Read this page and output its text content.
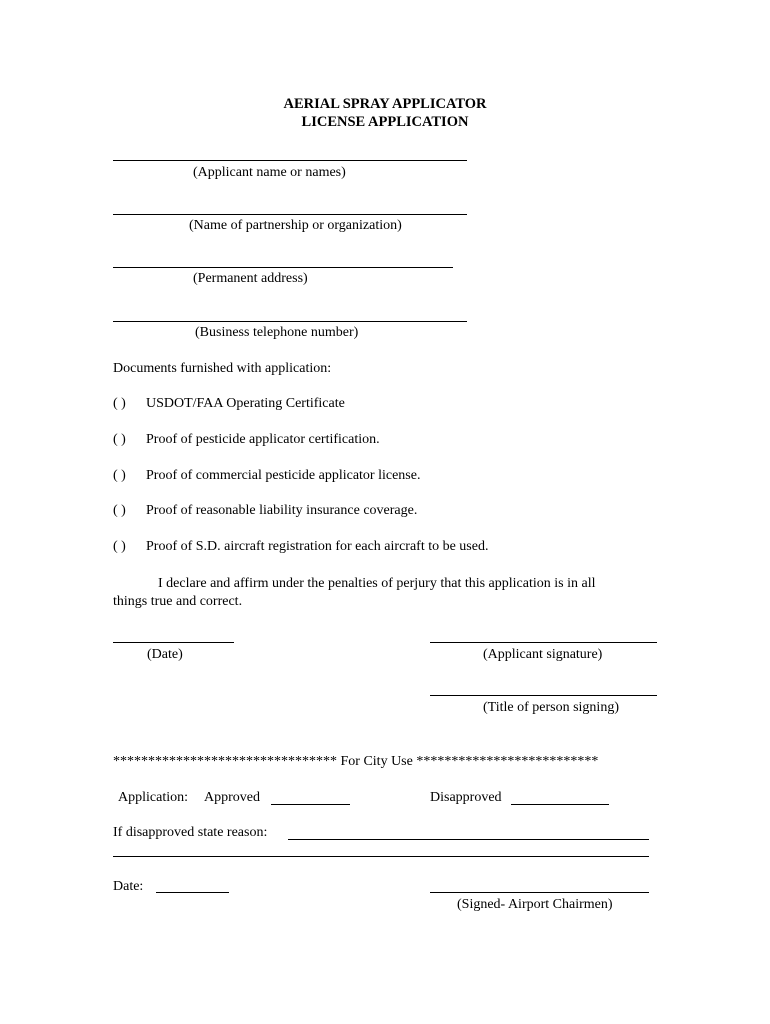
AERIAL SPRAY APPLICATOR
LICENSE APPLICATION
(Applicant name or names)
(Name of partnership or organization)
(Permanent address)
(Business telephone number)
Documents furnished with application:
( ) USDOT/FAA Operating Certificate
( ) Proof of pesticide applicator certification.
( ) Proof of commercial pesticide applicator license.
( ) Proof of reasonable liability insurance coverage.
( ) Proof of S.D. aircraft registration for each aircraft to be used.
I declare and affirm under the penalties of perjury that this application is in all
things true and correct.
(Date)	(Applicant signature)
(Title of person signing)
******************************** For City Use **************************
Application: Approved	Disapproved
If disapproved state reason:
Date:
(Signed- Airport Chairmen)
